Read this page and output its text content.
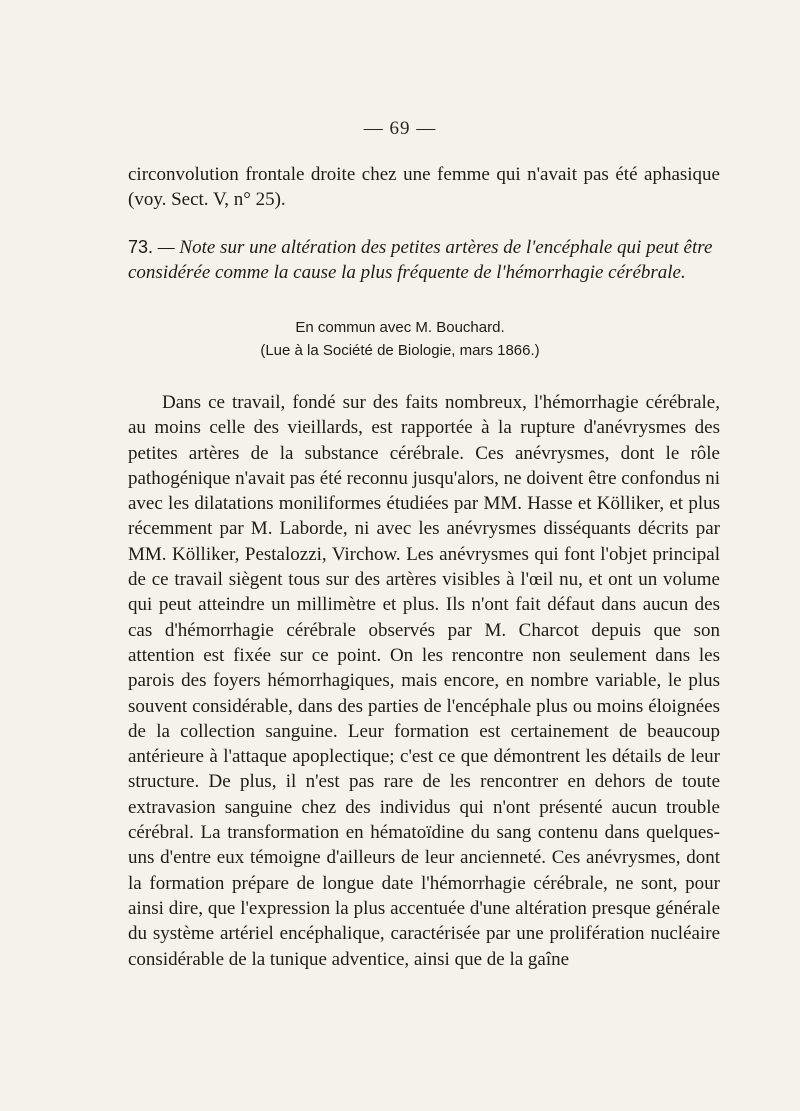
— 69 —

circonvolution frontale droite chez une femme qui n'avait pas été aphasique (voy. Sect. V, n° 25).

73. — Note sur une altération des petites artères de l'encéphale qui peut être considérée comme la cause la plus fréquente de l'hémorrhagie cérébrale.

En commun avec M. Bouchard.

(Lue à la Société de Biologie, mars 1866.)

Dans ce travail, fondé sur des faits nombreux, l'hémorrhagie cérébrale, au moins celle des vieillards, est rapportée à la rupture d'anévrysmes des petites artères de la substance cérébrale. Ces anévrysmes, dont le rôle pathogénique n'avait pas été reconnu jusqu'alors, ne doivent être confondus ni avec les dilatations moniliformes étudiées par MM. Hasse et Kölliker, et plus récemment par M. Laborde, ni avec les anévrysmes disséquants décrits par MM. Kölliker, Pestalozzi, Virchow. Les anévrysmes qui font l'objet principal de ce travail siègent tous sur des artères visibles à l'œil nu, et ont un volume qui peut atteindre un millimètre et plus. Ils n'ont fait défaut dans aucun des cas d'hémorrhagie cérébrale observés par M. Charcot depuis que son attention est fixée sur ce point. On les rencontre non seulement dans les parois des foyers hémorrhagiques, mais encore, en nombre variable, le plus souvent considérable, dans des parties de l'encéphale plus ou moins éloignées de la collection sanguine. Leur formation est certainement de beaucoup antérieure à l'attaque apoplectique; c'est ce que démontrent les détails de leur structure. De plus, il n'est pas rare de les rencontrer en dehors de toute extravasion sanguine chez des individus qui n'ont présenté aucun trouble cérébral. La transformation en hématoïdine du sang contenu dans quelques-uns d'entre eux témoigne d'ailleurs de leur ancienneté. Ces anévrysmes, dont la formation prépare de longue date l'hémorrhagie cérébrale, ne sont, pour ainsi dire, que l'expression la plus accentuée d'une altération presque générale du système artériel encéphalique, caractérisée par une prolifération nucléaire considérable de la tunique adventice, ainsi que de la gaîne
